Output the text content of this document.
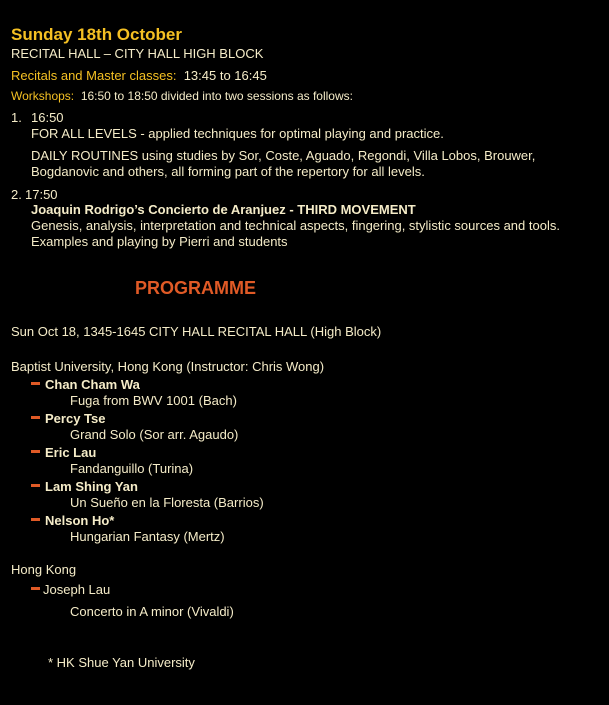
Sunday 18th October
RECITAL HALL – CITY HALL HIGH BLOCK
Recitals and Master classes: 13:45 to 16:45
Workshops: 16:50 to 18:50 divided into two sessions as follows:
1. 16:50
FOR ALL LEVELS - applied techniques for optimal playing and practice.
DAILY ROUTINES using studies by Sor, Coste, Aguado, Regondi, Villa Lobos, Brouwer,
Bogdanovic and others, all forming part of the repertory for all levels.
2. 17:50
Joaquin Rodrigo’s Concierto de Aranjuez - THIRD MOVEMENT
Genesis, analysis, interpretation and technical aspects, fingering, stylistic sources and tools.
Examples and playing by Pierri and students
PROGRAMME
Sun Oct 18, 1345-1645 CITY HALL RECITAL HALL (High Block)
Baptist University, Hong Kong (Instructor: Chris Wong)
Chan Cham Wa
Fuga from BWV 1001 (Bach)
Percy Tse
Grand Solo (Sor arr. Agaudo)
Eric Lau
Fandanguillo (Turina)
Lam Shing Yan
Un Sueño en la Floresta (Barrios)
Nelson Ho*
Hungarian Fantasy (Mertz)
Hong Kong
Joseph Lau
Concerto in A minor (Vivaldi)
* HK Shue Yan University
